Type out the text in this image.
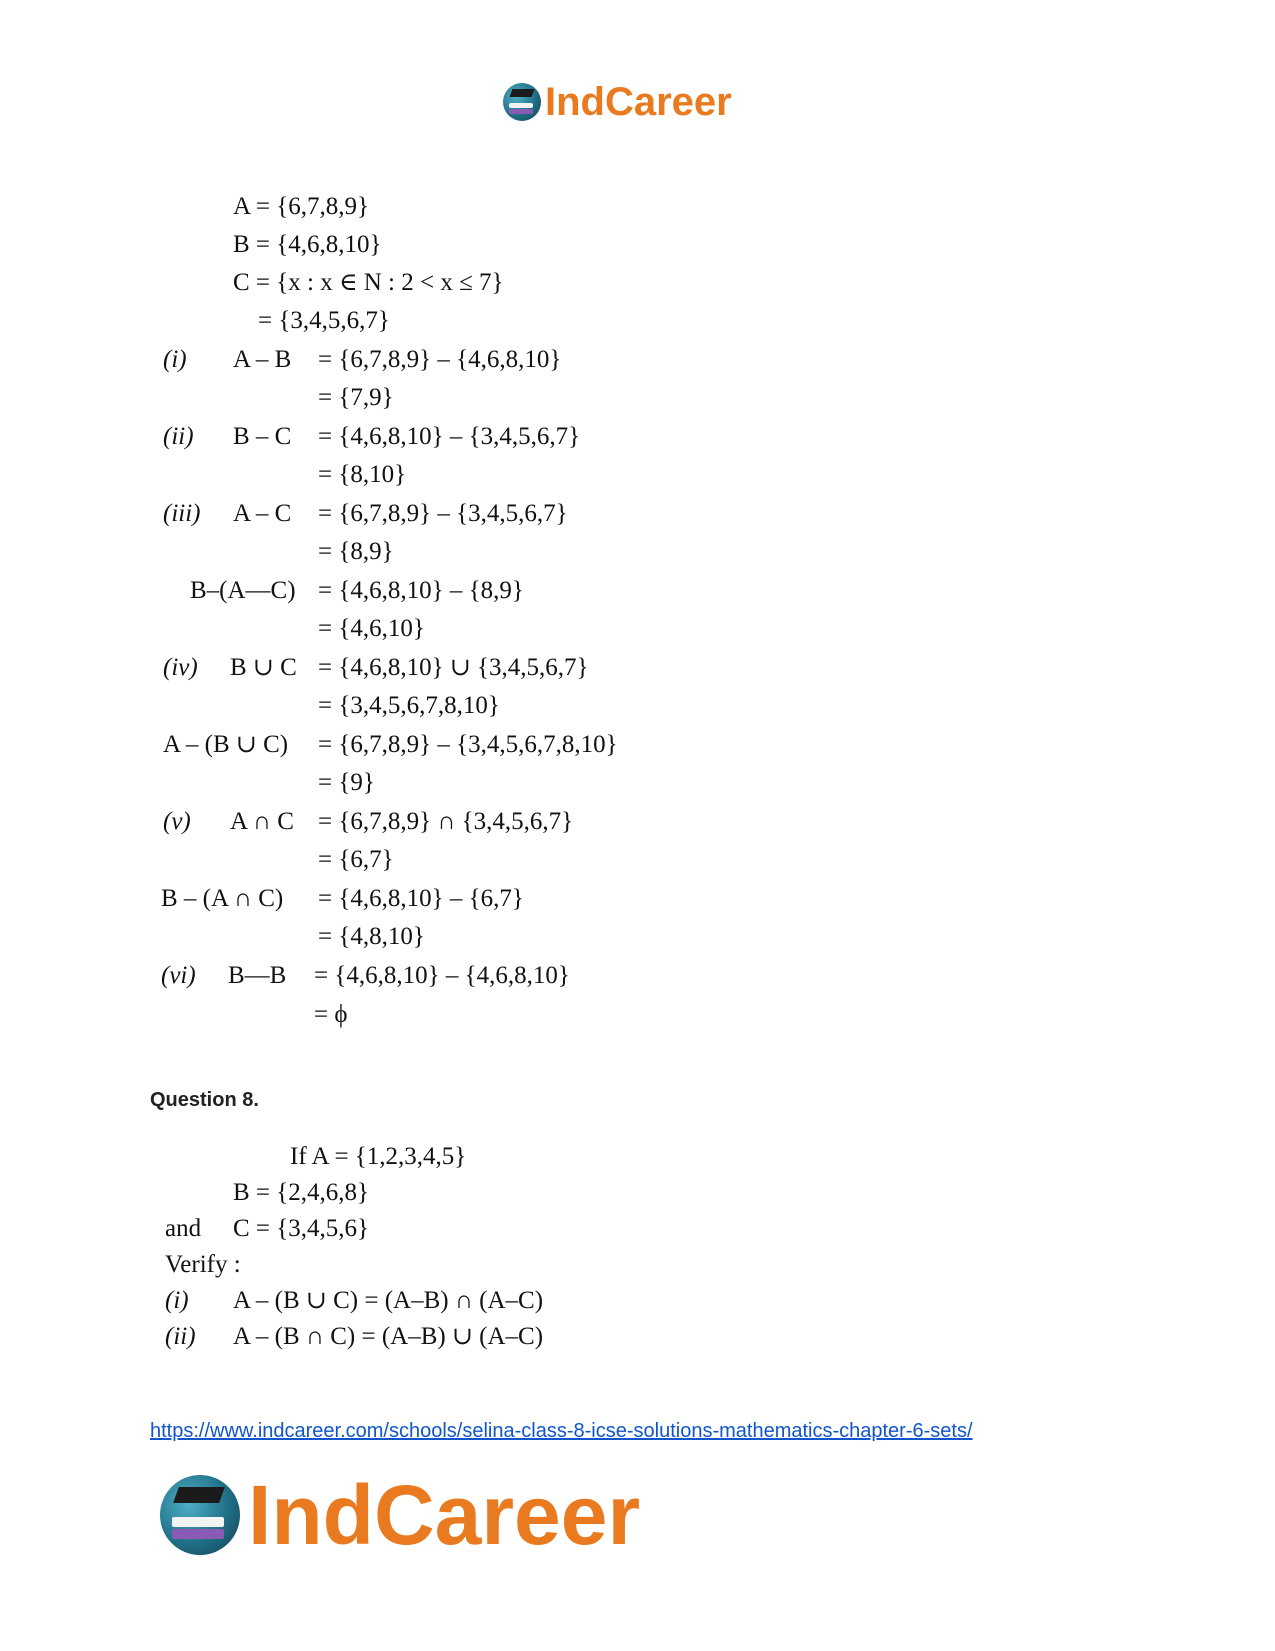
IndCareer
A = {6,7,8,9}
B = {4,6,8,10}
C = {x : x ∈ N : 2 < x ≤ 7}
= {3,4,5,6,7}
(i) A – B = {6,7,8,9} – {4,6,8,10}
= {7,9}
(ii) B – C = {4,6,8,10} – {3,4,5,6,7}
= {8,10}
(iii) A – C = {6,7,8,9} – {3,4,5,6,7}
= {8,9}
B–(A—C) = {4,6,8,10} – {8,9}
= {4,6,10}
(iv) B ∪ C = {4,6,8,10} ∪ {3,4,5,6,7}
= {3,4,5,6,7,8,10}
A – (B ∪ C) = {6,7,8,9} – {3,4,5,6,7,8,10}
= {9}
(v) A ∩ C = {6,7,8,9} ∩ {3,4,5,6,7}
= {6,7}
B – (A ∩ C) = {4,6,8,10} – {6,7}
= {4,8,10}
(vi) B—B = {4,6,8,10} – {4,6,8,10}
= ϕ
Question 8.
If A = {1,2,3,4,5}
B = {2,4,6,8}
and C = {3,4,5,6}
Verify :
(i) A – (B ∪ C) = (A–B) ∩ (A–C)
(ii) A – (B ∩ C) = (A–B) ∪ (A–C)
https://www.indcareer.com/schools/selina-class-8-icse-solutions-mathematics-chapter-6-sets/
IndCareer
